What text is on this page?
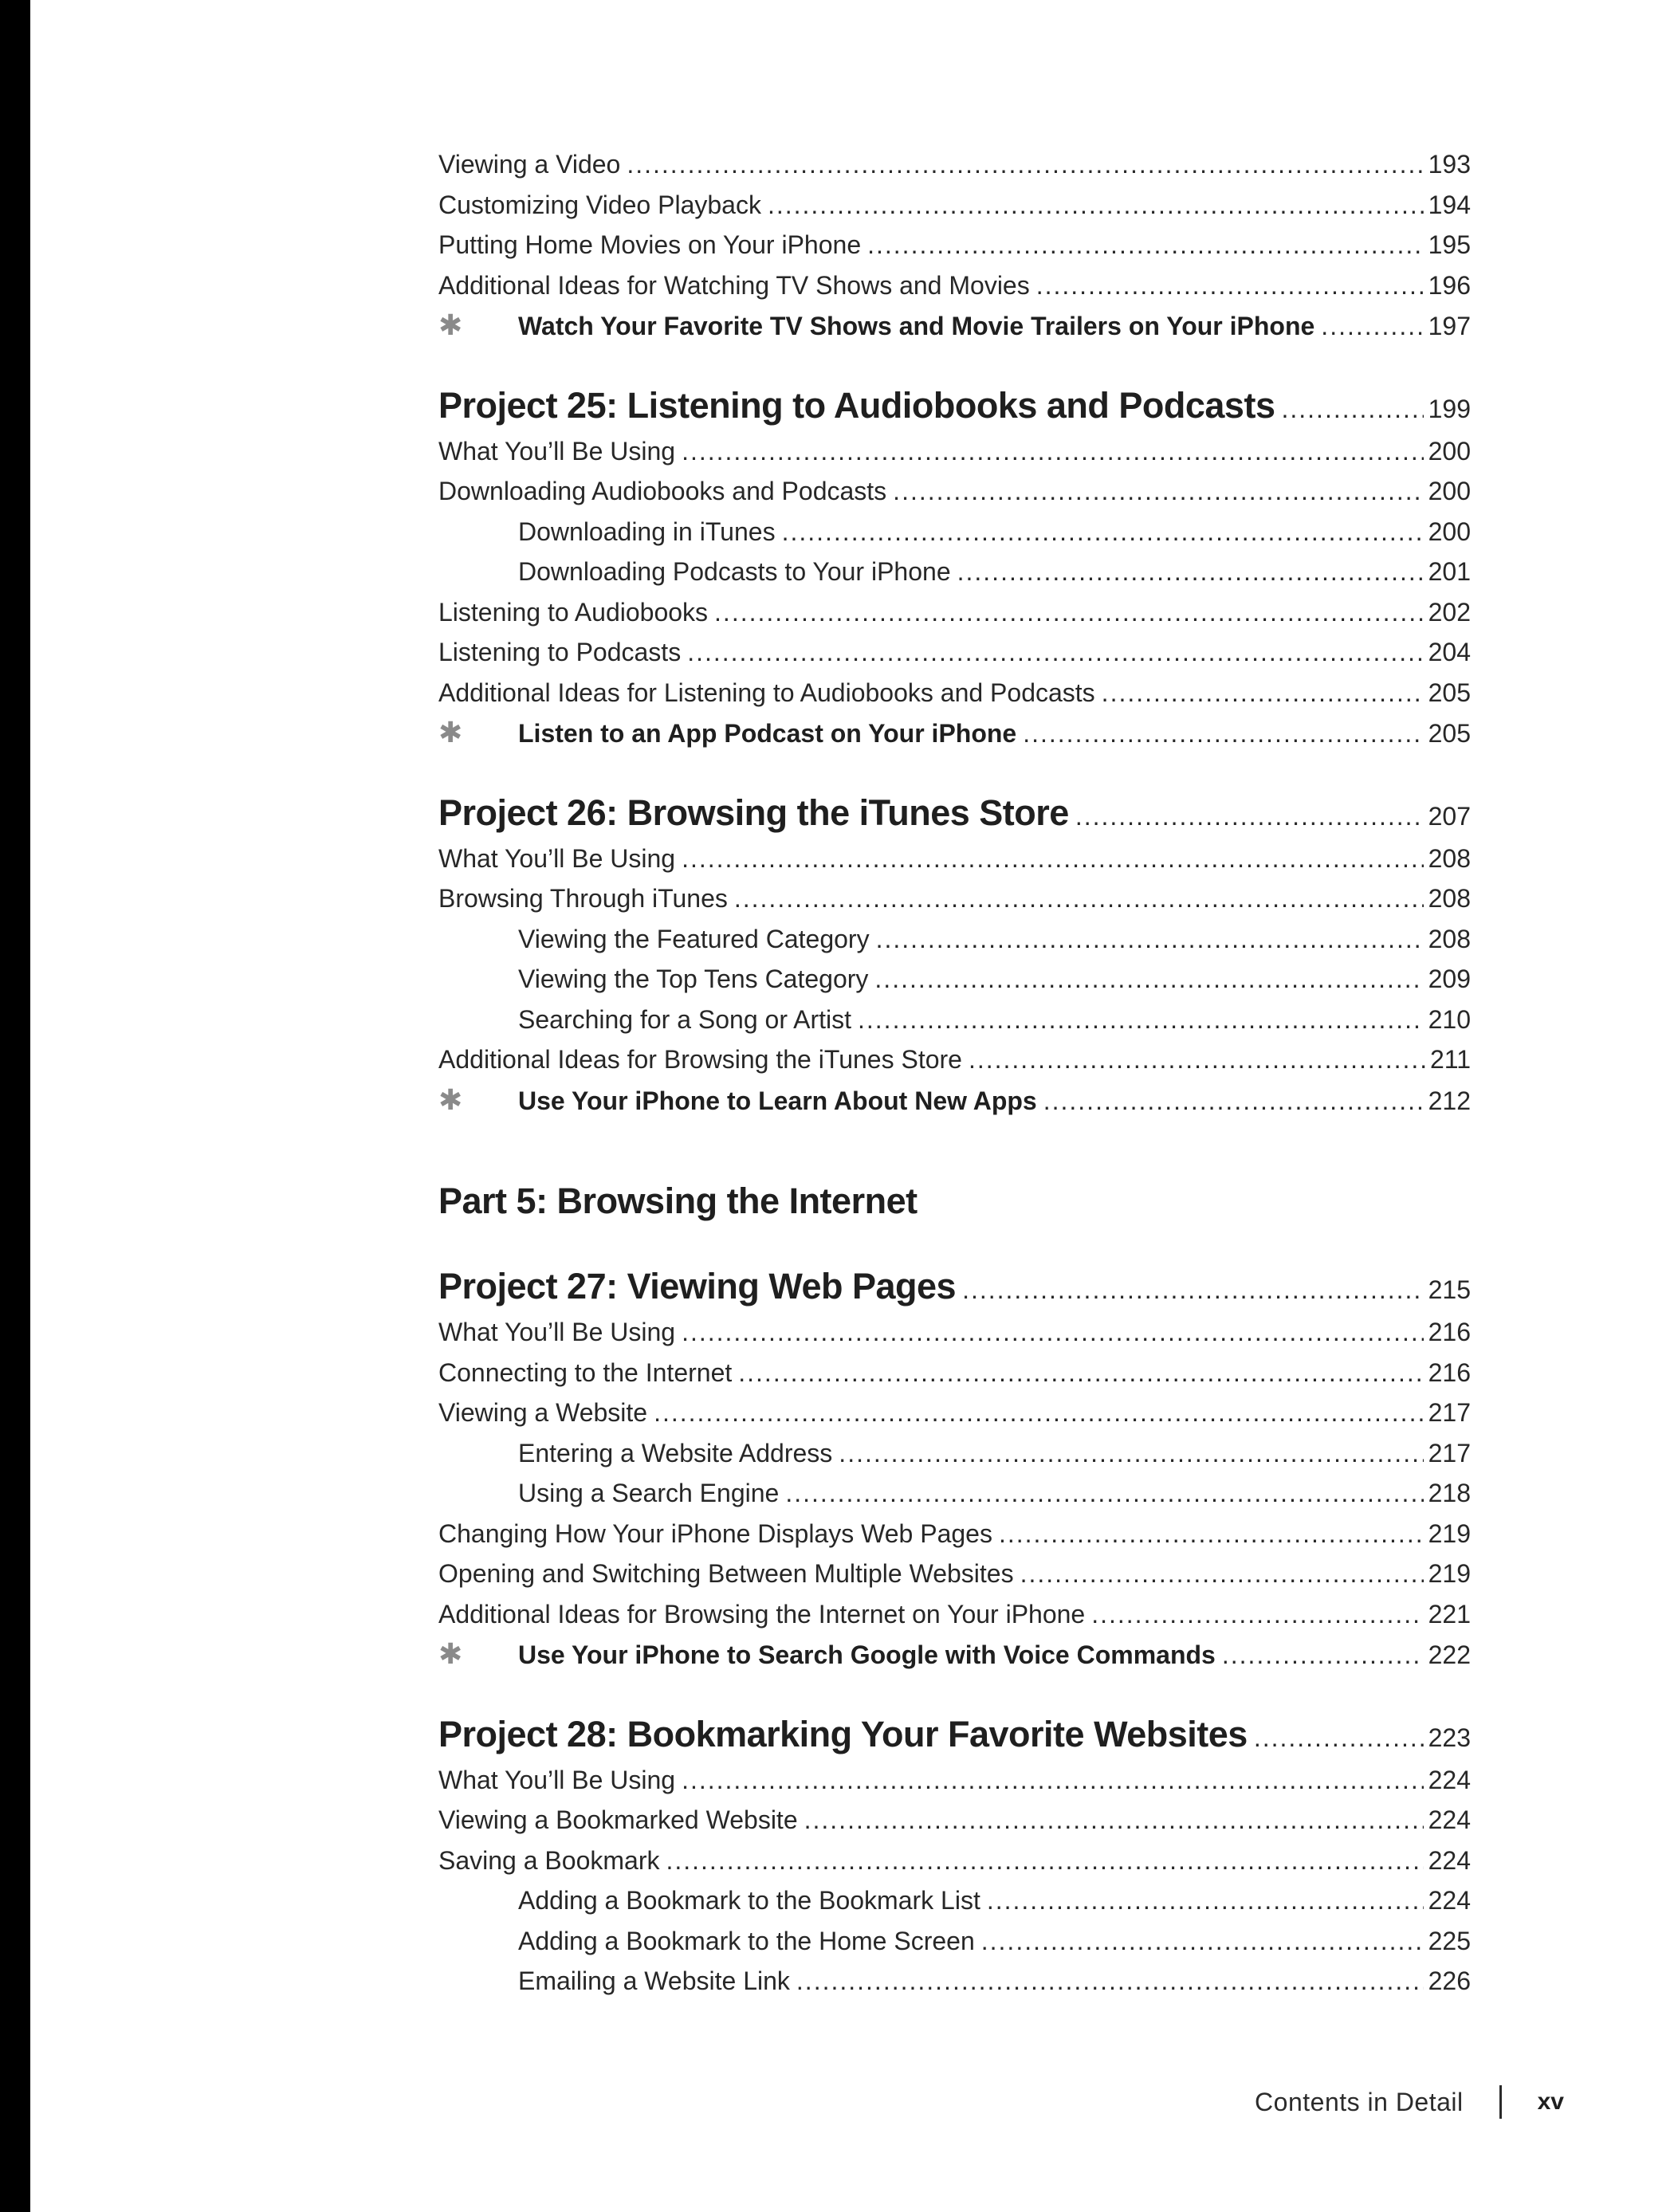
Viewing a Video .....	193
Customizing Video Playback .....	194
Putting Home Movies on Your iPhone .....	195
Additional Ideas for Watching TV Shows and Movies .....	196
✱	Watch Your Favorite TV Shows and Movie Trailers on Your iPhone .....	197
Project 25: Listening to Audiobooks and Podcasts .....	199
What You’ll Be Using .....	200
Downloading Audiobooks and Podcasts .....	200
Downloading in iTunes .....	200
Downloading Podcasts to Your iPhone .....	201
Listening to Audiobooks .....	202
Listening to Podcasts .....	204
Additional Ideas for Listening to Audiobooks and Podcasts .....	205
✱	Listen to an App Podcast on Your iPhone .....	205
Project 26: Browsing the iTunes Store .....	207
What You’ll Be Using .....	208
Browsing Through iTunes .....	208
Viewing the Featured Category .....	208
Viewing the Top Tens Category .....	209
Searching for a Song or Artist .....	210
Additional Ideas for Browsing the iTunes Store .....	211
✱	Use Your iPhone to Learn About New Apps .....	212
Part 5: Browsing the Internet
Project 27: Viewing Web Pages .....	215
What You’ll Be Using .....	216
Connecting to the Internet .....	216
Viewing a Website .....	217
Entering a Website Address .....	217
Using a Search Engine .....	218
Changing How Your iPhone Displays Web Pages .....	219
Opening and Switching Between Multiple Websites .....	219
Additional Ideas for Browsing the Internet on Your iPhone .....	221
✱	Use Your iPhone to Search Google with Voice Commands .....	222
Project 28: Bookmarking Your Favorite Websites .....	223
What You’ll Be Using .....	224
Viewing a Bookmarked Website .....	224
Saving a Bookmark .....	224
Adding a Bookmark to the Bookmark List .....	224
Adding a Bookmark to the Home Screen .....	225
Emailing a Website Link .....	226
Contents in Detail	xv
